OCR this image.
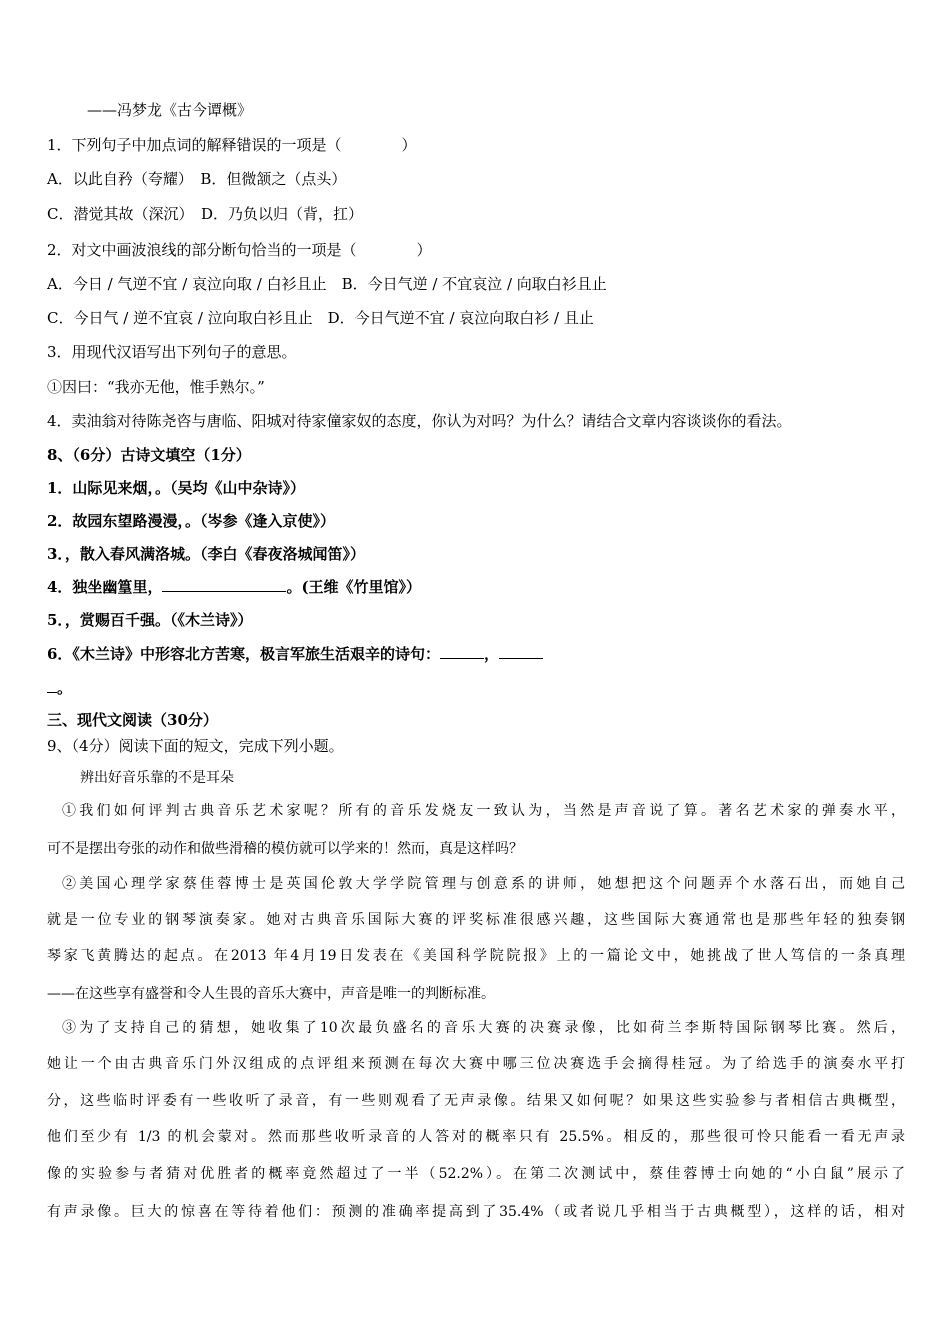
——冯梦龙《古今谭概》
1．下列句子中加点词的解释错误的一项是（　　　　）
A．以此自矜（夸耀）　B．但微颔之（点头）
C．潜觉其故（深沉）　D．乃负以归（背，扛）
2．对文中画波浪线的部分断句恰当的一项是（　　　　）
A．今日 / 气逆不宜 / 哀泣向取 / 白衫且止　B．今日气逆 / 不宜哀泣 / 向取白衫且止
C．今日气 / 逆不宜哀 / 泣向取白衫且止　D．今日气逆不宜 / 哀泣向取白衫 / 且止
3．用现代汉语写出下列句子的意思。
①因曰：“我亦无他，惟手熟尔。”
4．卖油翁对待陈尧咨与唐临、阳城对待家僮家奴的态度，你认为对吗？为什么？请结合文章内容谈谈你的看法。
8、（6分）古诗文填空（1分）
1．山际见来烟，。（吴均《山中杂诗》）
2．故园东望路漫漫，。（岑参《逢入京使》）
3．，散入春风满洛城。（李白《春夜洛城闻笛》）
4．独坐幽篁里，	。(王维《竹里馆》）
5．，赏赐百千强。（《木兰诗》）
6．《木兰诗》中形容北方苦寒，极言军旅生活艰辛的诗句：	，
。
三、现代文阅读（30分）
9、（4分）阅读下面的短文，完成下列小题。
辨出好音乐靠的不是耳朵
①我们如何评判古典音乐艺术家呢？所有的音乐发烧友一致认为，当然是声音说了算。著名艺术家的弹奏水平，
可不是摆出夸张的动作和做些滑稽的模仿就可以学来的！然而，真是这样吗？
②美国心理学家蔡佳蓉博士是英国伦敦大学学院管理与创意系的讲师，她想把这个问题弄个水落石出，而她自己
就是一位专业的钢琴演奏家。她对古典音乐国际大赛的评奖标准很感兴趣，这些国际大赛通常也是那些年轻的独奏钢
琴家飞黄腾达的起点。在2013 年4月19日发表在《美国科学院院报》上的一篇论文中，她挑战了世人笃信的一条真理
——在这些享有盛誉和令人生畏的音乐大赛中，声音是唯一的判断标准。
③为了支持自己的猜想，她收集了10次最负盛名的音乐大赛的决赛录像，比如荷兰李斯特国际钢琴比赛。然后，
她让一个由古典音乐门外汉组成的点评组来预测在每次大赛中哪三位决赛选手会摘得桂冠。为了给选手的演奏水平打
分，这些临时评委有一些收听了录音，有一些则观看了无声录像。结果又如何呢？如果这些实验参与者相信古典概型，
他们至少有 1/3 的机会蒙对。然而那些收听录音的人答对的概率只有 25.5%。相反的，那些很可怜只能看一看无声录
像的实验参与者猜对优胜者的概率竟然超过了一半（52.2%）。在第二次测试中，蔡佳蓉博士向她的“小白鼠”展示了
有声录像。巨大的惊喜在等待着他们：预测的准确率提高到了35.4%（或者说几乎相当于古典概型），这样的话，相对
